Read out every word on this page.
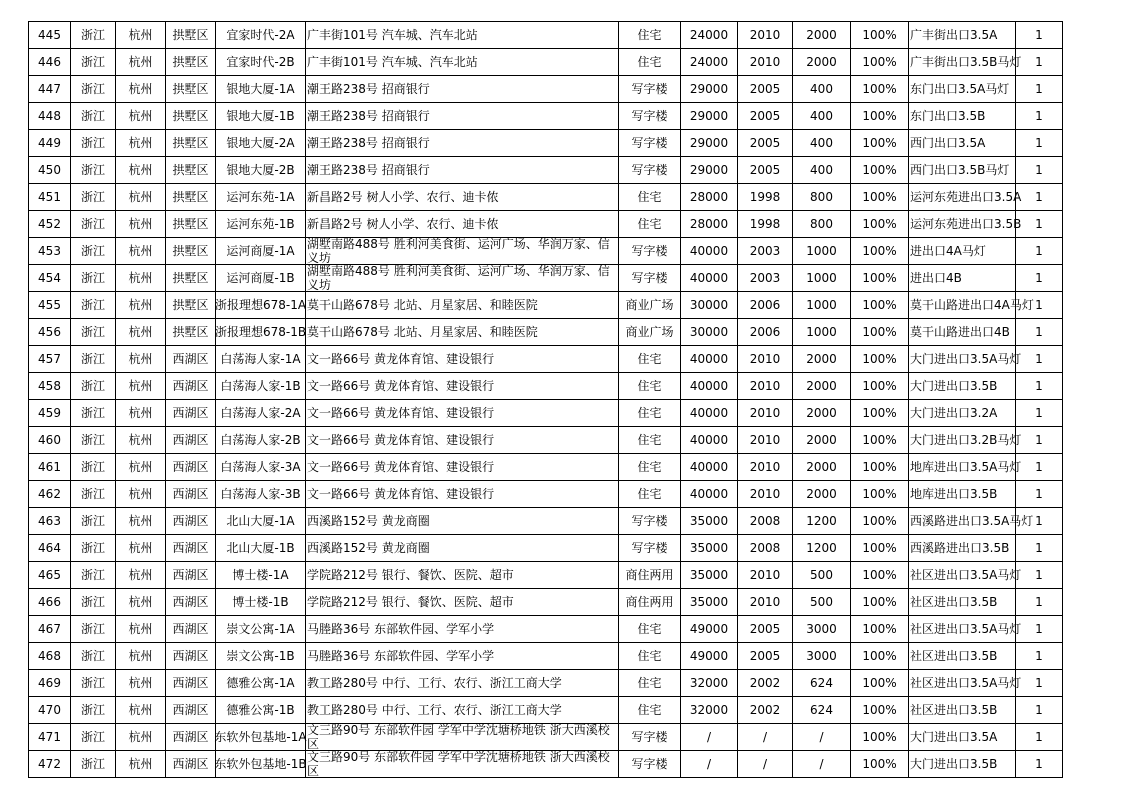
445	浙江	杭州	拱墅区	宜家时代-2A	广丰街101号 汽车城、汽车北站	住宅	24000	2010	2000	100%	广丰街出口3.5A	1

446	浙江	杭州	拱墅区	宜家时代-2B	广丰街101号 汽车城、汽车北站	住宅	24000	2010	2000	100%	广丰街出口3.5B马灯	1

447	浙江	杭州	拱墅区	银地大厦-1A	潮王路238号 招商银行	写字楼	29000	2005	400	100%	东门出口3.5A马灯	1

448	浙江	杭州	拱墅区	银地大厦-1B	潮王路238号 招商银行	写字楼	29000	2005	400	100%	东门出口3.5B	1

449	浙江	杭州	拱墅区	银地大厦-2A	潮王路238号 招商银行	写字楼	29000	2005	400	100%	西门出口3.5A	1

450	浙江	杭州	拱墅区	银地大厦-2B	潮王路238号 招商银行	写字楼	29000	2005	400	100%	西门出口3.5B马灯	1

451	浙江	杭州	拱墅区	运河东苑-1A	新昌路2号 树人小学、农行、迪卡侬	住宅	28000	1998	800	100%	运河东苑进出口3.5A	1

452	浙江	杭州	拱墅区	运河东苑-1B	新昌路2号 树人小学、农行、迪卡侬	住宅	28000	1998	800	100%	运河东苑进出口3.5B	1

453	浙江	杭州	拱墅区	运河商厦-1A	湖墅南路488号 胜利河美食街、运河广场、华润万家、信义坊	写字楼	40000	2003	1000	100%	进出口4A马灯	1

454	浙江	杭州	拱墅区	运河商厦-1B	湖墅南路488号 胜利河美食街、运河广场、华润万家、信义坊	写字楼	40000	2003	1000	100%	进出口4B	1

455	浙江	杭州	拱墅区	浙报理想678-1A	莫干山路678号 北站、月星家居、和睦医院	商业广场	30000	2006	1000	100%	莫干山路进出口4A马灯	1

456	浙江	杭州	拱墅区	浙报理想678-1B	莫干山路678号 北站、月星家居、和睦医院	商业广场	30000	2006	1000	100%	莫干山路进出口4B	1

457	浙江	杭州	西湖区	白荡海人家-1A	文一路66号 黄龙体育馆、建设银行	住宅	40000	2010	2000	100%	大门进出口3.5A马灯	1

458	浙江	杭州	西湖区	白荡海人家-1B	文一路66号 黄龙体育馆、建设银行	住宅	40000	2010	2000	100%	大门进出口3.5B	1

459	浙江	杭州	西湖区	白荡海人家-2A	文一路66号 黄龙体育馆、建设银行	住宅	40000	2010	2000	100%	大门进出口3.2A	1

460	浙江	杭州	西湖区	白荡海人家-2B	文一路66号 黄龙体育馆、建设银行	住宅	40000	2010	2000	100%	大门进出口3.2B马灯	1

461	浙江	杭州	西湖区	白荡海人家-3A	文一路66号 黄龙体育馆、建设银行	住宅	40000	2010	2000	100%	地库进出口3.5A马灯	1

462	浙江	杭州	西湖区	白荡海人家-3B	文一路66号 黄龙体育馆、建设银行	住宅	40000	2010	2000	100%	地库进出口3.5B	1

463	浙江	杭州	西湖区	北山大厦-1A	西溪路152号 黄龙商圈	写字楼	35000	2008	1200	100%	西溪路进出口3.5A马灯	1

464	浙江	杭州	西湖区	北山大厦-1B	西溪路152号 黄龙商圈	写字楼	35000	2008	1200	100%	西溪路进出口3.5B	1

465	浙江	杭州	西湖区	博士楼-1A	学院路212号 银行、餐饮、医院、超市	商住两用	35000	2010	500	100%	社区进出口3.5A马灯	1

466	浙江	杭州	西湖区	博士楼-1B	学院路212号 银行、餐饮、医院、超市	商住两用	35000	2010	500	100%	社区进出口3.5B	1

467	浙江	杭州	西湖区	崇文公寓-1A	马塍路36号 东部软件园、学军小学	住宅	49000	2005	3000	100%	社区进出口3.5A马灯	1

468	浙江	杭州	西湖区	崇文公寓-1B	马塍路36号 东部软件园、学军小学	住宅	49000	2005	3000	100%	社区进出口3.5B	1

469	浙江	杭州	西湖区	德雅公寓-1A	教工路280号 中行、工行、农行、浙江工商大学	住宅	32000	2002	624	100%	社区进出口3.5A马灯	1

470	浙江	杭州	西湖区	德雅公寓-1B	教工路280号 中行、工行、农行、浙江工商大学	住宅	32000	2002	624	100%	社区进出口3.5B	1

471	浙江	杭州	西湖区	东软外包基地-1A	文三路90号 东部软件园 学军中学沈塘桥地铁 浙大西溪校区	写字楼	/	/	/	100%	大门进出口3.5A	1

472	浙江	杭州	西湖区	东软外包基地-1B	文三路90号 东部软件园 学军中学沈塘桥地铁 浙大西溪校区	写字楼	/	/	/	100%	大门进出口3.5B	1
